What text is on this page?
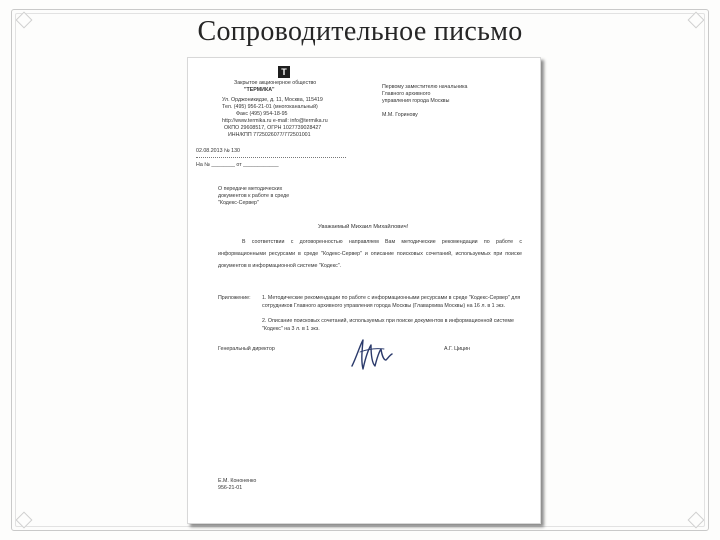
Сопроводительное письмо
Т
Закрытое акционерное общество
"ТЕРМИКА"
Ул. Орджоникидзе, д. 11, Москва, 115419
Тел. (495) 956-21-01 (многоканальный)
Факс (495) 954-18-95
http://www.termika.ru e-mail: info@termika.ru
ОКПО 29608517, ОГРН 1027739028427
ИНН/КПП 7725026077/772501001
02.08.2013 № 130
На № ________ от ____________
Первому заместителю начальника
Главного архивного
управления города Москвы
М.М. Горинову
О передаче методических
документов к работе в среде
"Кодекс-Сервер"
Уважаемый Михаил Михайлович!
В соответствии с договоренностью направляем Вам методические рекомендации по работе с информационными ресурсами в среде "Кодекс-Сервер" и описание поисковых сочетаний, используемых при поиске документов в информационной системе "Кодекс".
Приложение: 1. Методические рекомендации по работе с информационными ресурсами в среде "Кодекс-Сервер" для сотрудников Главного архивного управления города Москвы (Главархива Москвы) на 16 л. в 1 экз.
2. Описание поисковых сочетаний, используемых при поиске документов в информационной системе "Кодекс" на 3 л. в 1 экз.
Генеральный директор	А.Г. Цицин
Е.М. Кононенко
956-21-01
